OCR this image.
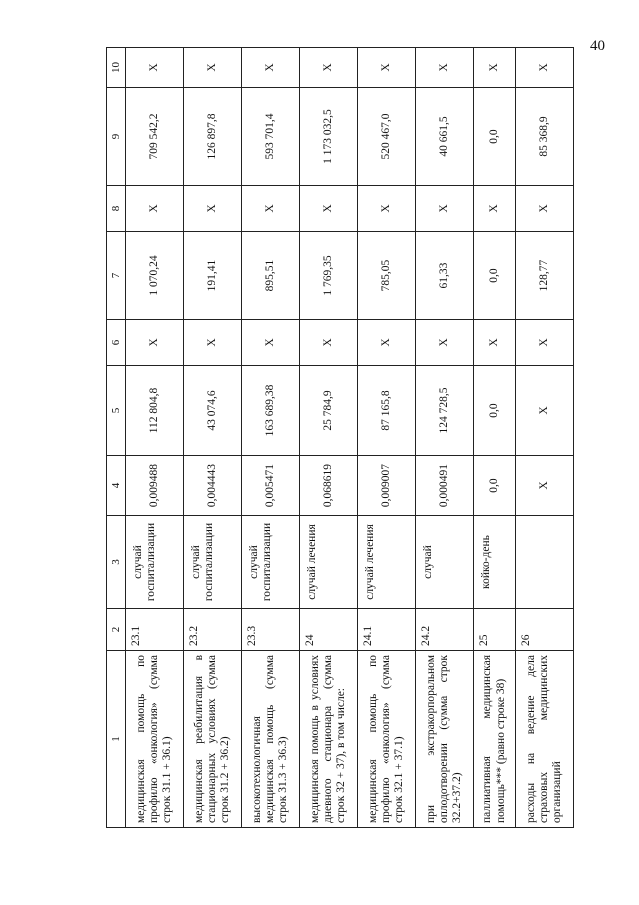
40
1	2	3	4	5	6	7	8	9	10
медицинская помощь по профилю «онкология» (сумма строк 31.1 + 36.1)	23.1	случай госпитализации	0,009488	112 804,8	X	1 070,24	X	709 542,2	X
медицинская реабилитация в стационарных условиях (сумма строк 31.2 + 36.2)	23.2	случай госпитализации	0,004443	43 074,6	X	191,41	X	126 897,8	X
высокотехнологичная медицинская помощь (сумма строк 31.3 + 36.3)	23.3	случай госпитализации	0,005471	163 689,38	X	895,51	X	593 701,4	X
медицинская помощь в условиях дневного стационара (сумма строк 32 + 37), в том числе:	24	случай лечения	0,068619	25 784,9	X	1 769,35	X	1 173 032,5	X
медицинская помощь по профилю «онкология» (сумма строк 32.1 + 37.1)	24.1	случай лечения	0,009007	87 165,8	X	785,05	X	520 467,0	X
при экстракорпоральном оплодотворении (сумма строк 32.2+37.2)	24.2	случай	0,000491	124 728,5	X	61,33	X	40 661,5	X
паллиативная медицинская помощь*** (равно строке 38)	25	койко-день	0,0	0,0	X	0,0	X	0,0	X
расходы на ведение дела страховых медицинских организаций	26		X	X	X	128,77	X	85 368,9	X
